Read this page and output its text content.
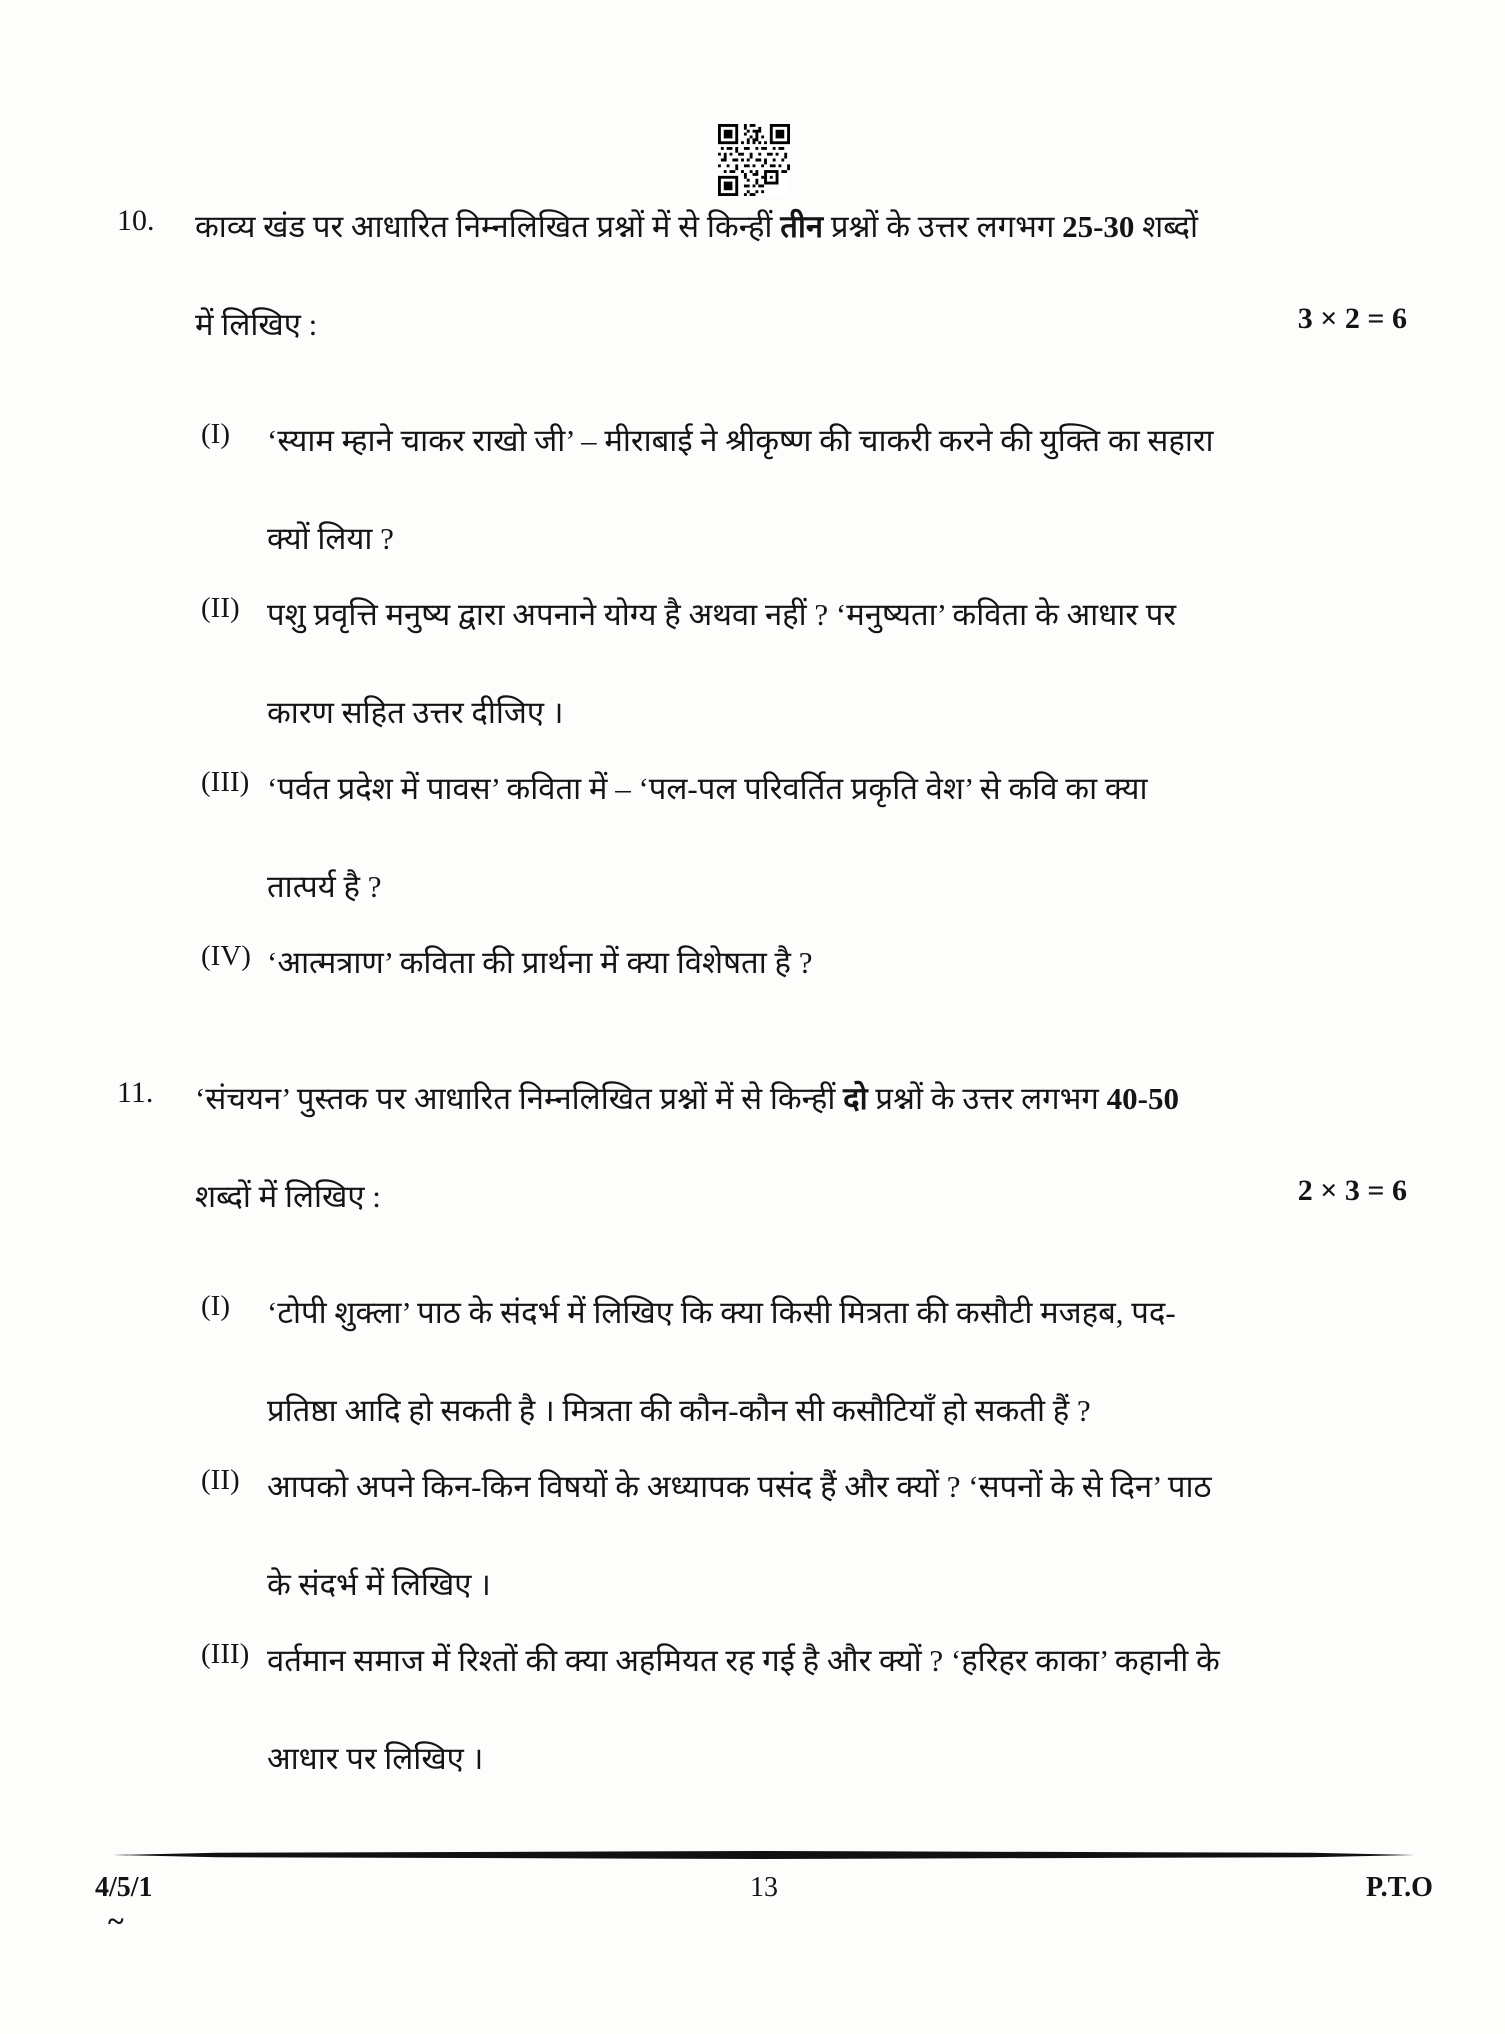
10.	काव्य खंड पर आधारित निम्नलिखित प्रश्नों में से किन्हीं तीन प्रश्नों के उत्तर लगभग 25-30 शब्दों
में लिखिए :	3 × 2 = 6
(I)	‘स्याम म्हाने चाकर राखो जी’ – मीराबाई ने श्रीकृष्ण की चाकरी करने की युक्ति का सहारा
क्यों लिया ?
(II) पशु प्रवृत्ति मनुष्य द्वारा अपनाने योग्य है अथवा नहीं ? ‘मनुष्यता’ कविता के आधार पर
कारण सहित उत्तर दीजिए ।
(III) ‘पर्वत प्रदेश में पावस’ कविता में – ‘पल-पल परिवर्तित प्रकृति वेश’ से कवि का क्या
तात्पर्य है ?
(IV) ‘आत्मत्राण’ कविता की प्रार्थना में क्या विशेषता है ?
11.	‘संचयन’ पुस्तक पर आधारित निम्नलिखित प्रश्नों में से किन्हीं दो प्रश्नों के उत्तर लगभग 40-50
शब्दों में लिखिए :	2 × 3 = 6
(I)	‘टोपी शुक्ला’ पाठ के संदर्भ में लिखिए कि क्या किसी मित्रता की कसौटी मजहब, पद-
प्रतिष्ठा आदि हो सकती है । मित्रता की कौन-कौन सी कसौटियाँ हो सकती हैं ?
(II) आपको अपने किन-किन विषयों के अध्यापक पसंद हैं और क्यों ? ‘सपनों के से दिन’ पाठ
के संदर्भ में लिखिए ।
(III) वर्तमान समाज में रिश्तों की क्या अहमियत रह गई है और क्यों ? ‘हरिहर काका’ कहानी के
आधार पर लिखिए ।
4/5/1	13	P.T.O
~
